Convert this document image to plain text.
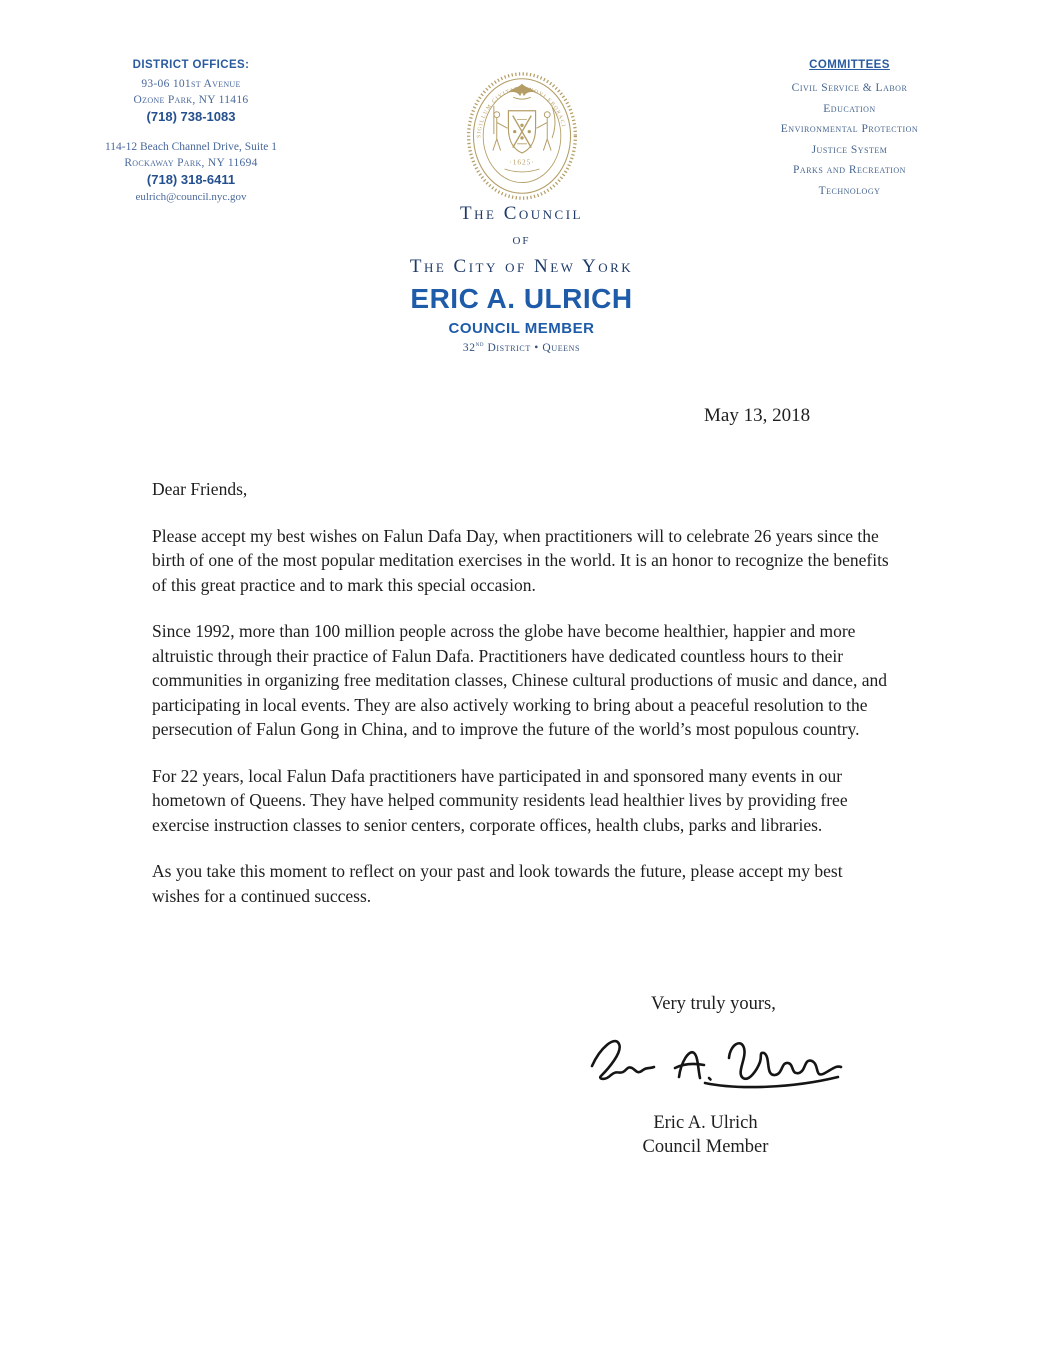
DISTRICT OFFICES:
93-06 101st Avenue
Ozone Park, NY 11416
(718) 738-1083
114-12 Beach Channel Drive, Suite 1
Rockaway Park, NY 11694
(718) 318-6411
eulrich@council.nyc.gov
COMMITTEES
Civil Service & Labor
Education
Environmental Protection
Justice System
Parks and Recreation
Technology
SIGILLUM CIVITATIS NOVI EBORACI
·1625·
The Council
of
The City of New York
ERIC A. ULRICH
COUNCIL MEMBER
32nd District • Queens
May 13, 2018
Dear Friends,
Please accept my best wishes on Falun Dafa Day, when practitioners will to celebrate 26 years since the birth of one of the most popular meditation exercises in the world. It is an honor to recognize the benefits of this great practice and to mark this special occasion.
Since 1992, more than 100 million people across the globe have become healthier, happier and more altruistic through their practice of Falun Dafa. Practitioners have dedicated countless hours to their communities in organizing free meditation classes, Chinese cultural productions of music and dance, and participating in local events. They are also actively working to bring about a peaceful resolution to the persecution of Falun Gong in China, and to improve the future of the world’s most populous country.
For 22 years, local Falun Dafa practitioners have participated in and sponsored many events in our hometown of Queens. They have helped community residents lead healthier lives by providing free exercise instruction classes to senior centers, corporate offices, health clubs, parks and libraries.
As you take this moment to reflect on your past and look towards the future, please accept my best wishes for a continued success.
Very truly yours,
Eric A. Ulrich
Council Member
